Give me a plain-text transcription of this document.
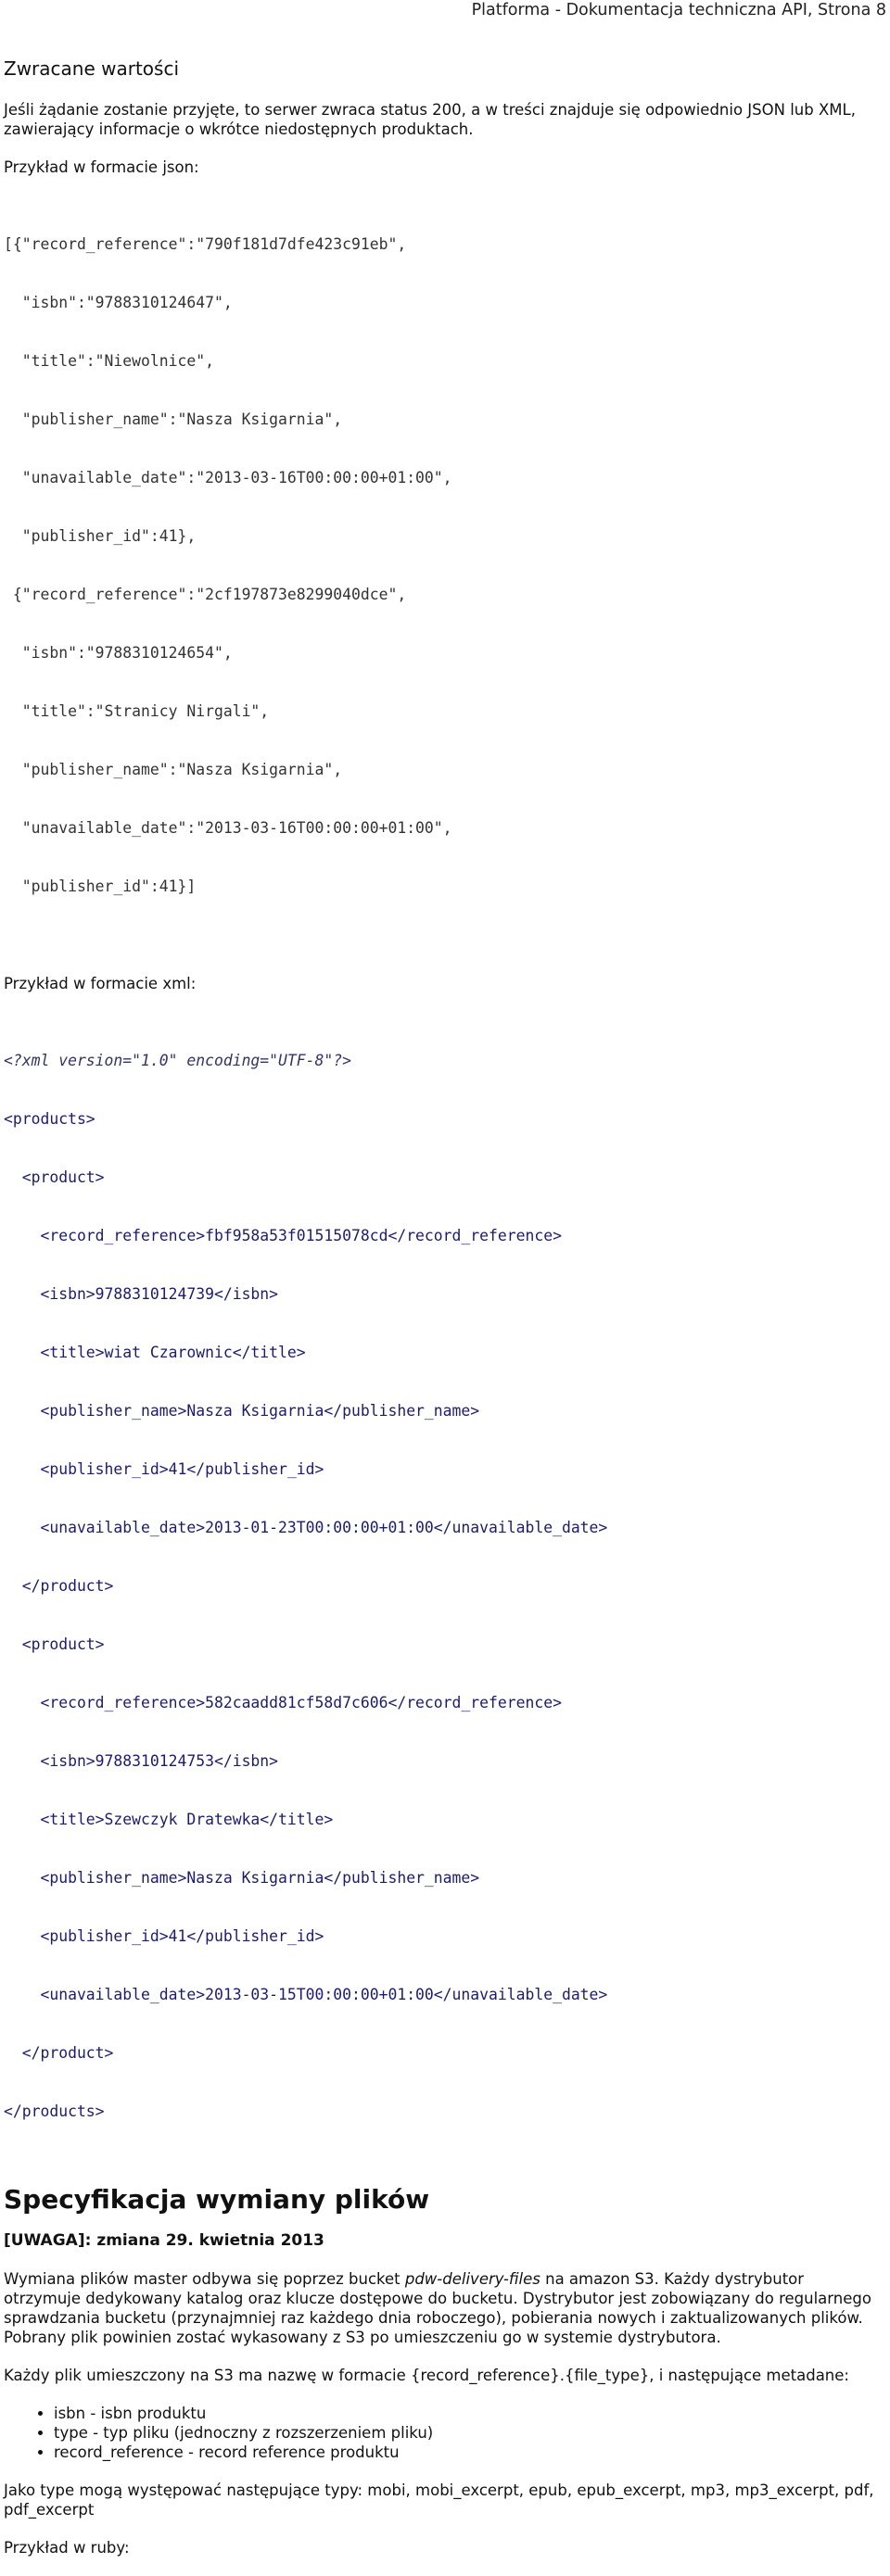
Platforma - Dokumentacja techniczna API, Strona 8
Zwracane wartości
Jeśli żądanie zostanie przyjęte, to serwer zwraca status 200, a w treści znajduje się odpowiednio JSON lub XML, zawierający informacje o wkrótce niedostępnych produktach.
Przykład w formacie json:

[{"record_reference":"790f181d7dfe423c91eb",

"isbn":"9788310124647",

"title":"Niewolnice",

"publisher_name":"Nasza Ksigarnia",

"unavailable_date":"2013-03-16T00:00:00+01:00",

"publisher_id":41},

{"record_reference":"2cf197873e8299040dce",

"isbn":"9788310124654",

"title":"Stranicy Nirgali",

"publisher_name":"Nasza Ksigarnia",

"unavailable_date":"2013-03-16T00:00:00+01:00",

"publisher_id":41}]

Przykład w formacie xml:

<?xml version="1.0" encoding="UTF-8"?>

<products>

<product>

<record_reference>fbf958a53f01515078cd</record_reference>

<isbn>9788310124739</isbn>

<title>wiat Czarownic</title>

<publisher_name>Nasza Ksigarnia</publisher_name>

<publisher_id>41</publisher_id>

<unavailable_date>2013-01-23T00:00:00+01:00</unavailable_date>

</product>

<product>

<record_reference>582caadd81cf58d7c606</record_reference>

<isbn>9788310124753</isbn>

<title>Szewczyk Dratewka</title>

<publisher_name>Nasza Ksigarnia</publisher_name>

<publisher_id>41</publisher_id>

<unavailable_date>2013-03-15T00:00:00+01:00</unavailable_date>

</product>

</products>

Specyfikacja wymiany plików
[UWAGA]: zmiana 29. kwietnia 2013
Wymiana plików master odbywa się poprzez bucket pdw-delivery-files na amazon S3. Każdy dystrybutor otrzymuje dedykowany katalog oraz klucze dostępowe do bucketu. Dystrybutor jest zobowiązany do regularnego sprawdzania bucketu (przynajmniej raz każdego dnia roboczego), pobierania nowych i zaktualizowanych plików. Pobrany plik powinien zostać wykasowany z S3 po umieszczeniu go w systemie dystrybutora.
Każdy plik umieszczony na S3 ma nazwę w formacie {record_reference}.{file_type}, i następujące metadane:
• isbn - isbn produktu
• type - typ pliku (jednoczny z rozszerzeniem pliku)
• record_reference - record reference produktu
Jako type mogą występować następujące typy: mobi, mobi_excerpt, epub, epub_excerpt, mp3, mp3_excerpt, pdf, pdf_excerpt
Przykład w ruby:
